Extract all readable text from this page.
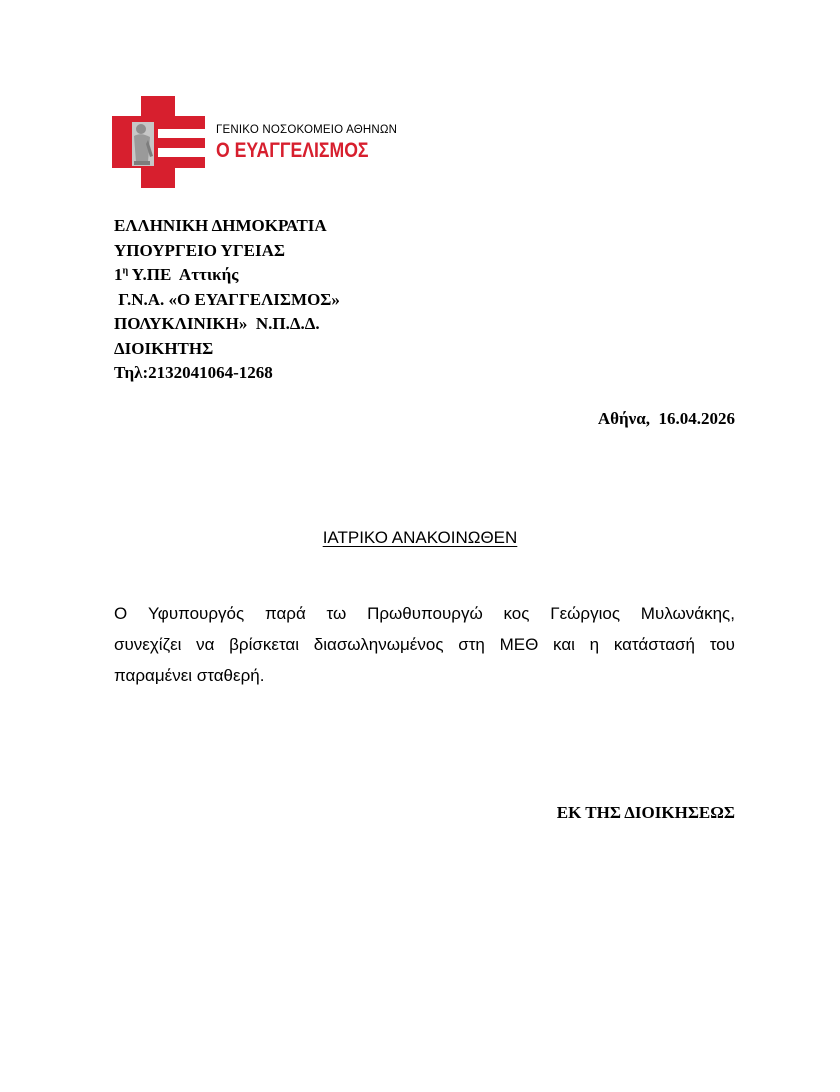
ΓΕΝΙΚΟ ΝΟΣΟΚΟΜΕΙΟ ΑΘΗΝΩΝ
Ο ΕΥΑΓΓΕΛΙΣΜΟΣ
ΕΛΛΗΝΙΚΗ ΔΗΜΟΚΡΑΤΙΑ
ΥΠΟΥΡΓΕΙΟ ΥΓΕΙΑΣ
$1^\eta$ Υ.ΠΕ  Αττικής
Γ.Ν.Α. «Ο ΕΥΑΓΓΕΛΙΣΜΟΣ»
ΠΟΛΥΚΛΙΝΙΚΗ»  Ν.Π.Δ.Δ.
ΔΙΟΙΚΗΤΗΣ
Τηλ:2132041064-1268
Αθήνα,  16.04.2026
ΙΑΤΡΙΚΟ ΑΝΑΚΟΙΝΩΘΕΝ
Ο Υφυπουργός παρά τω Πρωθυπουργώ κος Γεώργιος Μυλωνάκης,
συνεχίζει να βρίσκεται διασωληνωμένος στη ΜΕΘ και η κατάστασή του
παραμένει σταθερή.
ΕΚ ΤΗΣ ΔΙΟΙΚΗΣΕΩΣ
